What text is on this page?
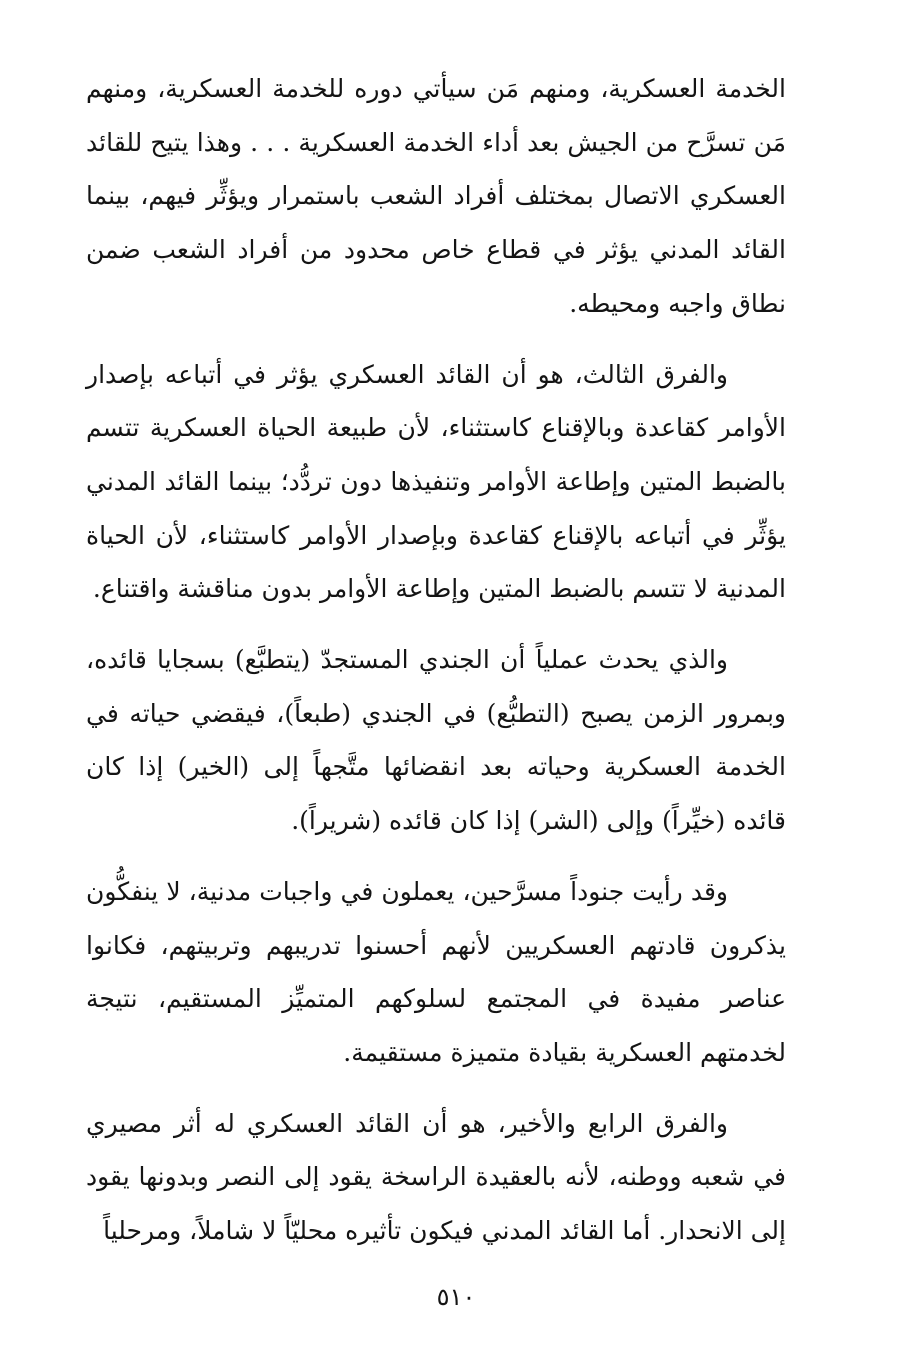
الخدمة العسكرية، ومنهم مَن سيأتي دوره للخدمة العسكرية، ومنهم مَن تسرَّح من الجيش بعد أداء الخدمة العسكرية . . . وهذا يتيح للقائد العسكري الاتصال بمختلف أفراد الشعب باستمرار ويؤثِّر فيهم، بينما القائد المدني يؤثر في قطاع خاص محدود من أفراد الشعب ضمن نطاق واجبه ومحيطه.

والفرق الثالث، هو أن القائد العسكري يؤثر في أتباعه بإصدار الأوامر كقاعدة وبالإقناع كاستثناء، لأن طبيعة الحياة العسكرية تتسم بالضبط المتين وإطاعة الأوامر وتنفيذها دون تردُّد؛ بينما القائد المدني يؤثِّر في أتباعه بالإقناع كقاعدة وبإصدار الأوامر كاستثناء، لأن الحياة المدنية لا تتسم بالضبط المتين وإطاعة الأوامر بدون مناقشة واقتناع.

والذي يحدث عملياً أن الجندي المستجدّ (يتطبَّع) بسجايا قائده، وبمرور الزمن يصبح (التطبُّع) في الجندي (طبعاً)، فيقضي حياته في الخدمة العسكرية وحياته بعد انقضائها متَّجهاً إلى (الخير) إذا كان قائده (خيِّراً) وإلى (الشر) إذا كان قائده (شريراً).

وقد رأيت جنوداً مسرَّحين، يعملون في واجبات مدنية، لا ينفكُّون يذكرون قادتهم العسكريين لأنهم أحسنوا تدريبهم وتربيتهم، فكانوا عناصر مفيدة في المجتمع لسلوكهم المتميِّز المستقيم، نتيجة لخدمتهم العسكرية بقيادة متميزة مستقيمة.

والفرق الرابع والأخير، هو أن القائد العسكري له أثر مصيري في شعبه ووطنه، لأنه بالعقيدة الراسخة يقود إلى النصر وبدونها يقود إلى الانحدار. أما القائد المدني فيكون تأثيره محليّاً لا شاملاً، ومرحلياً

٥١٠
